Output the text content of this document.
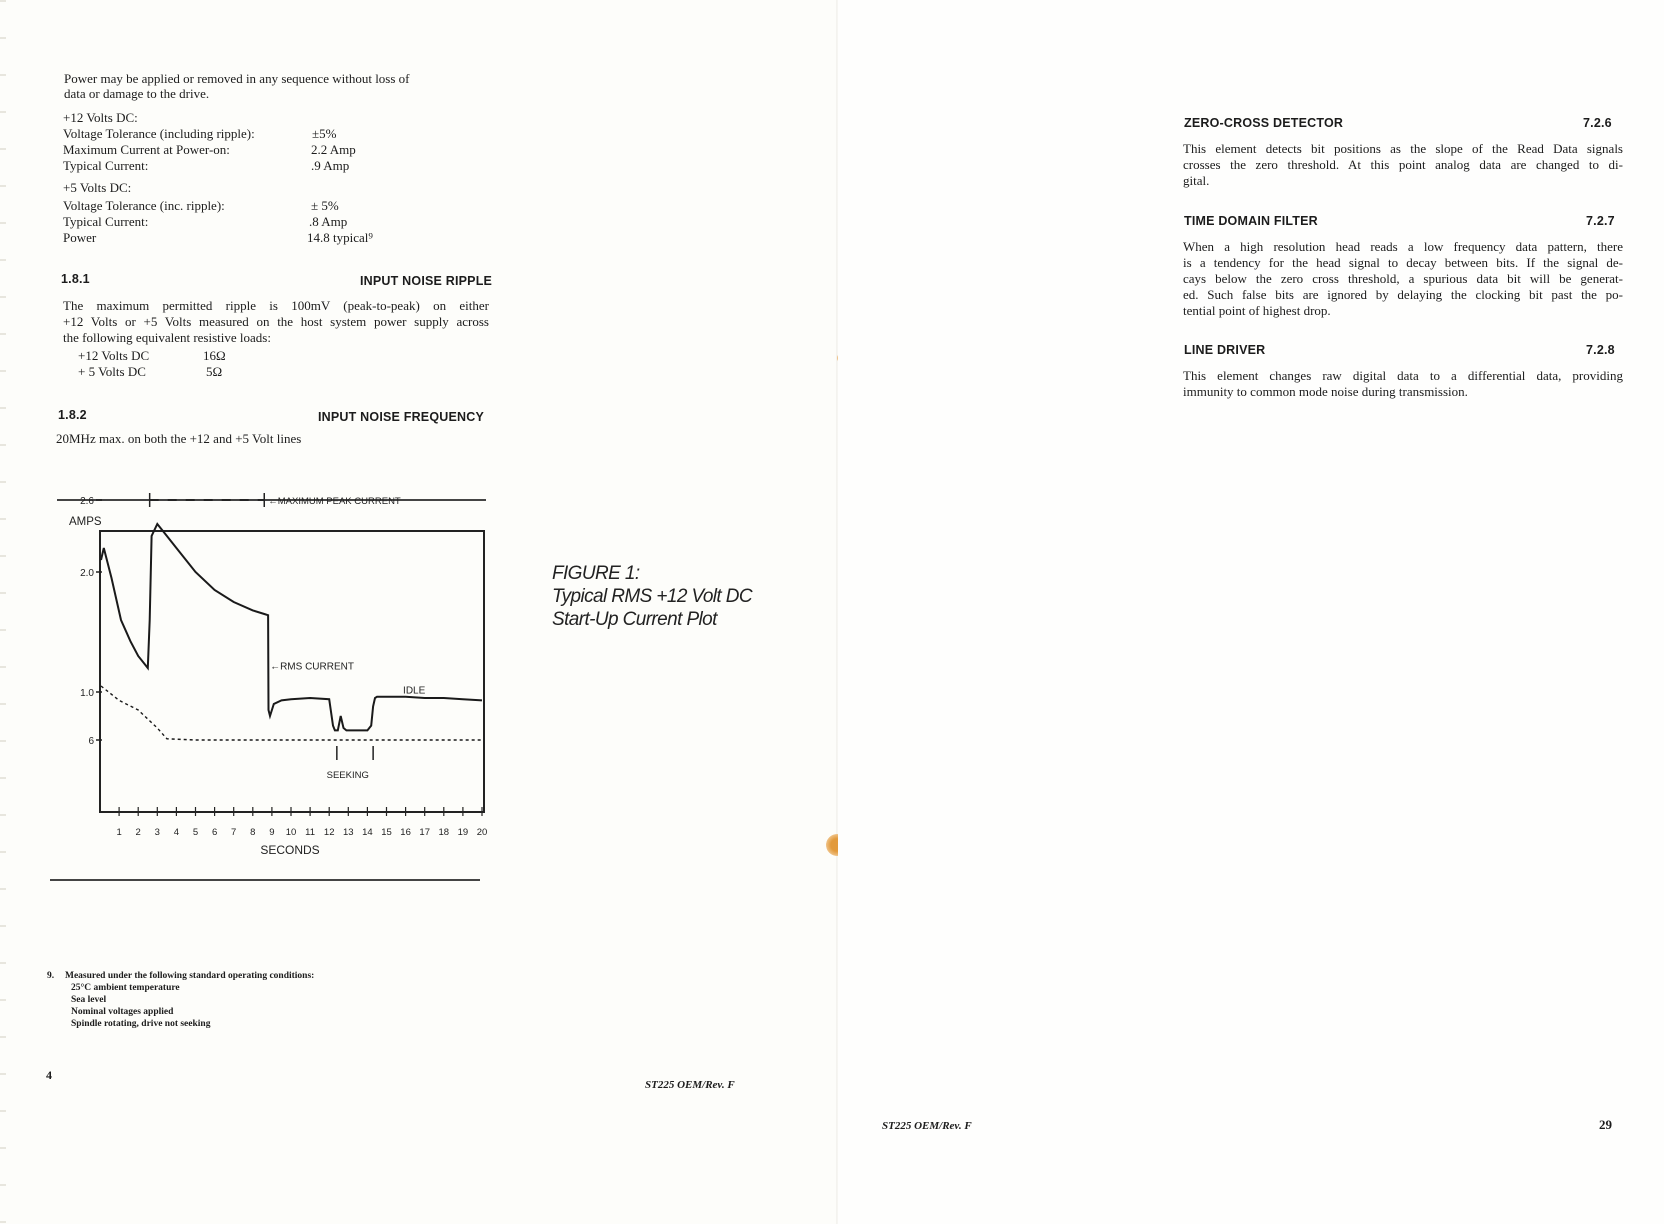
Power may be applied or removed in any sequence without loss of
data or damage to the drive.
+12 Volts DC:
Voltage Tolerance (including ripple):	±5%
Maximum Current at Power-on:	2.2 Amp
Typical Current:	.9 Amp
+5 Volts DC:
Voltage Tolerance (inc. ripple):	± 5%
Typical Current:	.8 Amp
Power	14.8 typical⁹
1.8.1	INPUT NOISE RIPPLE
The maximum permitted ripple is 100mV (peak-to-peak) on either
+12 Volts or +5 Volts measured on the host system power supply across
the following equivalent resistive loads:
+12 Volts DC	16Ω
+ 5 Volts DC	5Ω
1.8.2	INPUT NOISE FREQUENCY
20MHz max. on both the +12 and +5 Volt lines
AMPS
6
1.0
2.0
2.6
1 2 3 4 5 6 7 8 9 10 11 12 13 14 15 16 17 18 19 20
SECONDS
←MAXIMUM PEAK CURRENT
←RMS CURRENT
IDLE
SEEKING
9. Measured under the following standard operating conditions:
25°C ambient temperature
Sea level
Nominal voltages applied
Spindle rotating, drive not seeking
4
ST225 OEM/Rev. F
FIGURE 1:
Typical RMS +12 Volt DC
Start-Up Current Plot
ZERO-CROSS DETECTOR	7.2.6
This element detects bit positions as the slope of the Read Data signals
crosses the zero threshold. At this point analog data are changed to di-
gital.
TIME DOMAIN FILTER	7.2.7
When a high resolution head reads a low frequency data pattern, there
is a tendency for the head signal to decay between bits. If the signal de-
cays below the zero cross threshold, a spurious data bit will be generat-
ed. Such false bits are ignored by delaying the clocking bit past the po-
tential point of highest drop.
LINE DRIVER	7.2.8
This element changes raw digital data to a differential data, providing
immunity to common mode noise during transmission.
ST225 OEM/Rev. F	29
